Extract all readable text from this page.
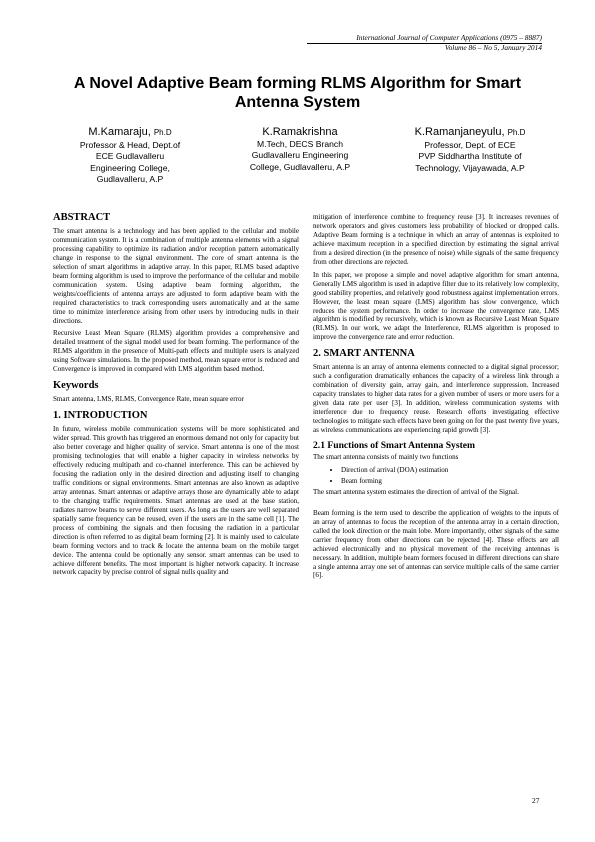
International Journal of Computer Applications (0975 – 8887)
Volume 86 – No 5, January 2014
A Novel Adaptive Beam forming RLMS Algorithm for Smart Antenna System
M.Kamaraju, Ph.D
Professor & Head, Dept.of
ECE Gudlavalleru
Engineering College,
Gudlavalleru, A.P
K.Ramakrishna
M.Tech, DECS Branch
Gudlavalleru Engineering
College, Gudlavalleru, A.P
K.Ramanjaneyulu, Ph.D
Professor, Dept. of ECE
PVP Siddhartha Institute of
Technology, Vijayawada, A.P
ABSTRACT

The smart antenna is a technology and has been applied to the cellular and mobile communication system. It is a combination of multiple antenna elements with a signal processing capability to optimize its radiation and/or reception pattern automatically change in response to the signal environment. The core of smart antenna is the selection of smart algorithms in adaptive array. In this paper, RLMS based adaptive beam forming algorithm is used to improve the performance of the cellular and mobile communication system. Using adaptive beam forming algorithm, the weights/coefficients of antenna arrays are adjusted to form adaptive beam with the required characteristics to track corresponding users automatically and at the same time to minimize interference arising from other users by introducing nulls in their directions.

Recursive Least Mean Square (RLMS) algorithm provides a comprehensive and detailed treatment of the signal model used for beam forming. The performance of the RLMS algorithm in the presence of Multi-path effects and multiple users is analyzed using Software simulations. In the proposed method, mean square error is reduced and Convergence is improved in compared with LMS algorithm based method.

Keywords

Smart antenna, LMS, RLMS, Convergence Rate, mean square error

1. INTRODUCTION

In future, wireless mobile communication systems will be more sophisticated and wider spread. This growth has triggered an enormous demand not only for capacity but also better coverage and higher quality of service. Smart antenna is one of the most promising technologies that will enable a higher capacity in wireless networks by effectively reducing multipath and co-channel interference. This can be achieved by focusing the radiation only in the desired direction and adjusting itself to changing traffic conditions or signal environments. Smart antennas are also known as adaptive array antennas. Smart antennas or adaptive arrays those are dynamically able to adapt to the changing traffic requirements. Smart antennas are used at the base station, radiates narrow beams to serve different users. As long as the users are well separated spatially same frequency can be reused, even if the users are in the same cell [1]. The process of combining the signals and then focusing the radiation in a particular direction is often referred to as digital beam forming [2]. It is mainly used to calculate beam forming vectors and to track & locate the antenna beam on the mobile target device. The antenna could be optionally any sensor. smart antennas can be used to achieve different benefits. The most important is higher network capacity. It increase network capacity by precise control of signal nulls quality and

mitigation of interference combine to frequency reuse [3]. It increases revenues of network operators and gives customers less probability of blocked or dropped calls. Adaptive Beam forming is a technique in which an array of antennas is exploited to achieve maximum reception in a specified direction by estimating the signal arrival from a desired direction (in the presence of noise) while signals of the same frequency from other directions are rejected.

In this paper, we propose a simple and novel adaptive algorithm for smart antenna, Generally LMS algorithm is used in adaptive filter due to its relatively low complexity, good stability properties, and relatively good robustness against implementation errors. However, the least mean square (LMS) algorithm has slow convergence, which reduces the system performance. In order to increase the convergence rate, LMS algorithm is modified by recursively, which is known as Recursive Least Mean Square (RLMS). In our work, we adapt the Interference, RLMS algorithm is proposed to improve the convergence rate and error reduction.

2. SMART ANTENNA

Smart antenna is an array of antenna elements connected to a digital signal processor; such a configuration dramatically enhances the capacity of a wireless link through a combination of diversity gain, array gain, and interference suppression. Increased capacity translates to higher data rates for a given number of users or more users for a given data rate per user [3]. In addition, wireless communication systems with interference due to frequency reuse. Research efforts investigating effective technologies to mitigate such effects have been going on for the past twenty five years, as wireless communications are experiencing rapid growth [3].

2.1 Functions of Smart Antenna System

The smart antenna consists of mainly two functions

• Direction of arrival (DOA) estimation
• Beam forming

The smart antenna system estimates the direction of arrival of the Signal.

Beam forming is the term used to describe the application of weights to the inputs of an array of antennas to focus the reception of the antenna array in a certain direction, called the look direction or the main lobe. More importantly, other signals of the same carrier frequency from other directions can be rejected [4]. These effects are all achieved electronically and no physical movement of the receiving antennas is necessary. In addition, multiple beam formers focused in different directions can share a single antenna array one set of antennas can service multiple calls of the same carrier [6].

27
